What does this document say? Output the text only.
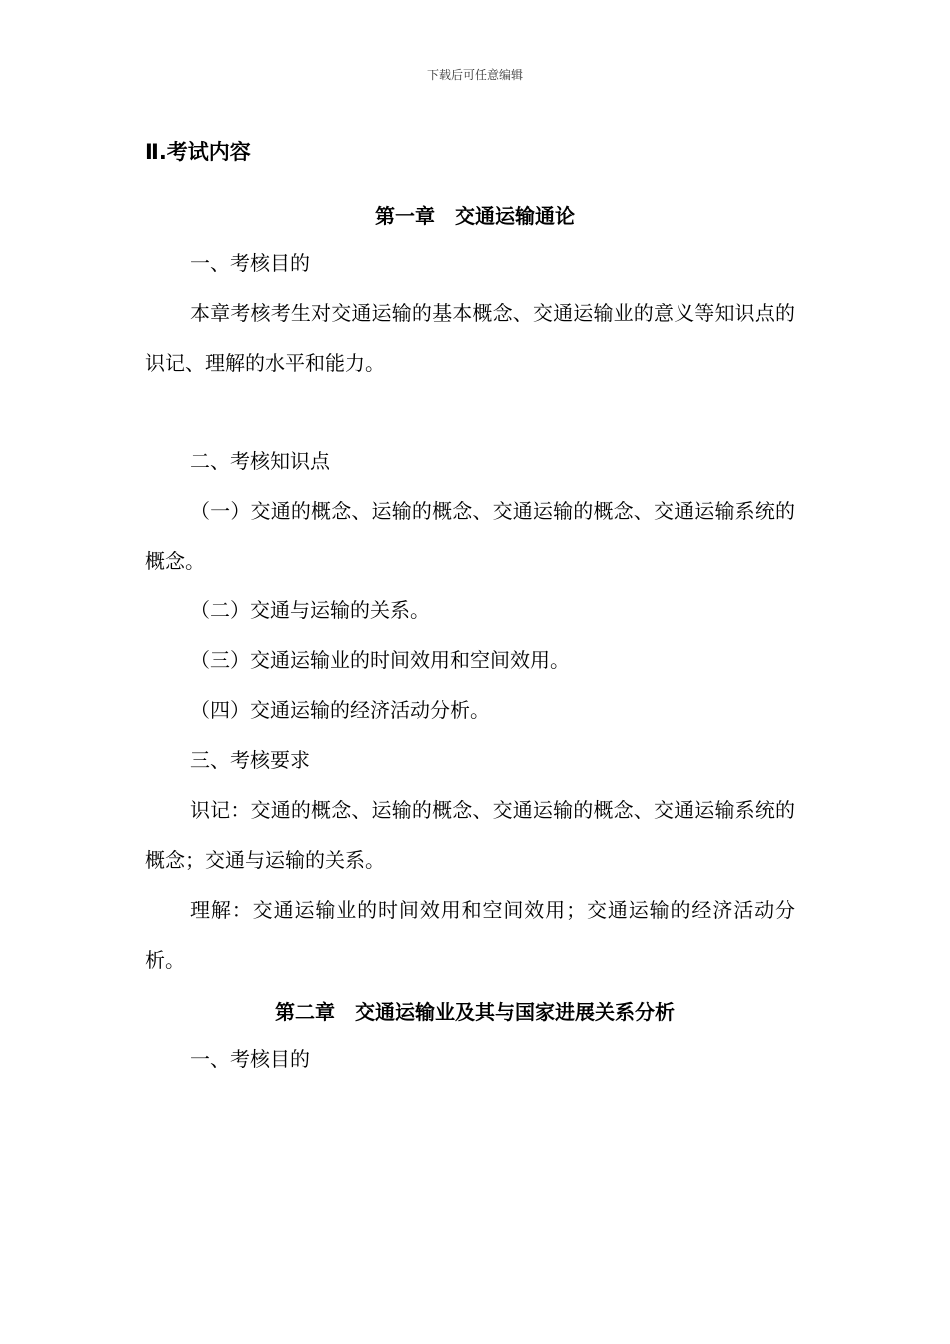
下载后可任意编辑
Ⅱ.考试内容
第一章　交通运输通论
一、考核目的
本章考核考生对交通运输的基本概念、交通运输业的意义等知识点的识记、理解的水平和能力。
二、考核知识点
（一）交通的概念、运输的概念、交通运输的概念、交通运输系统的概念。
（二）交通与运输的关系。
（三）交通运输业的时间效用和空间效用。
（四）交通运输的经济活动分析。
三、考核要求
识记：交通的概念、运输的概念、交通运输的概念、交通运输系统的概念；交通与运输的关系。
理解：交通运输业的时间效用和空间效用；交通运输的经济活动分析。
第二章　交通运输业及其与国家进展关系分析
一、考核目的
